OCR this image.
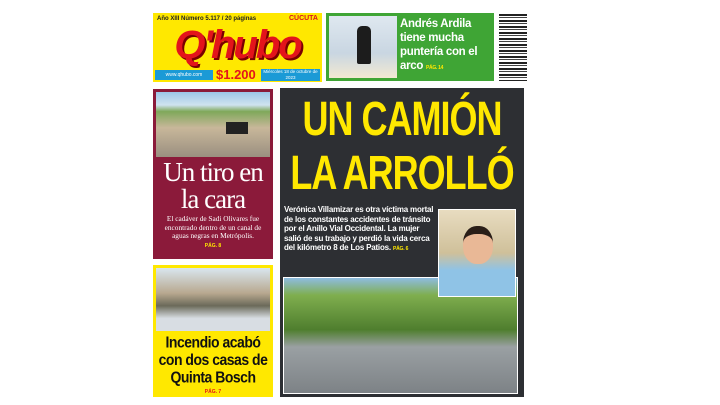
Año XIII Número 5.117 / 20 páginas	CÚCUTA
Q'hubo
www.qhubo.com	$1.200	Miércoles 18 de octubre de 2023
Andrés Ardila tiene mucha puntería con el arco PÁG. 14
Un tiro en la cara
El cadáver de Sadi Olivares fue encontrado dentro de un canal de aguas negras en Metrópolis.
PÁG. 8
Incendio acabó con dos casas de Quinta Bosch
PÁG. 7
UN CAMIÓN
LA ARROLLÓ
Verónica Villamizar es otra víctima mortal de los constantes accidentes de tránsito por el Anillo Vial Occidental. La mujer salió de su trabajo y perdió la vida cerca del kilómetro 8 de Los Patios. PÁG. 6
